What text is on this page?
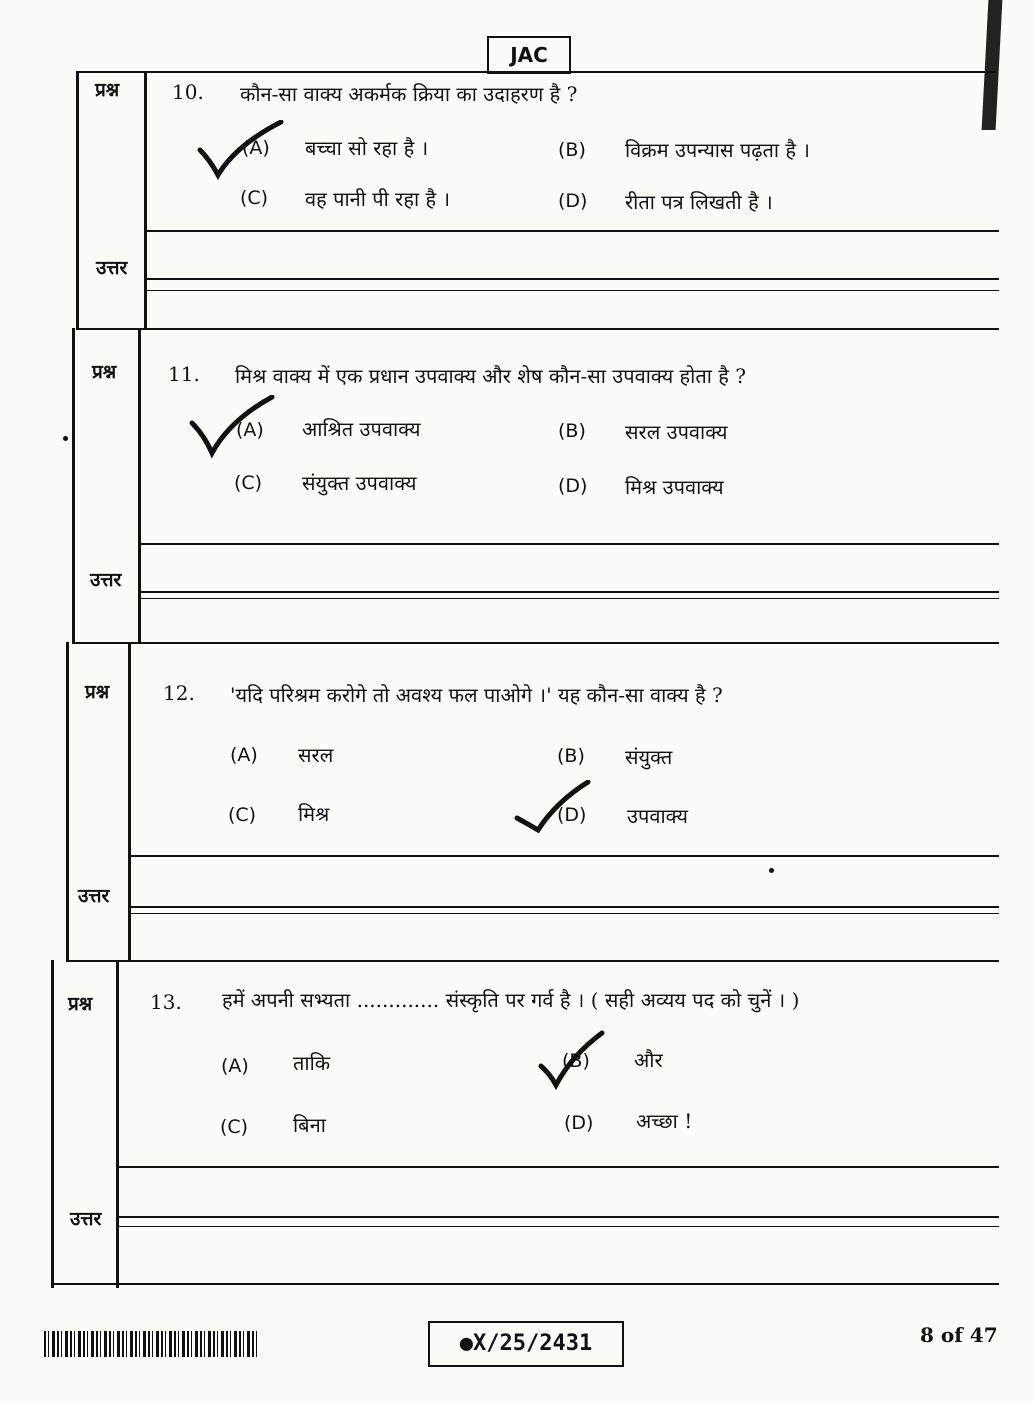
JAC
प्रश्न	10. कौन-सा वाक्य अकर्मक क्रिया का उदाहरण है ?
(A) बच्चा सो रहा है ।	(B) विक्रम उपन्यास पढ़ता है ।
(C) वह पानी पी रहा है ।	(D) रीता पत्र लिखती है ।
उत्तर
प्रश्न	11. मिश्र वाक्य में एक प्रधान उपवाक्य और शेष कौन-सा उपवाक्य होता है ?
(A) आश्रित उपवाक्य	(B) सरल उपवाक्य
(C) संयुक्त उपवाक्य	(D) मिश्र उपवाक्य
उत्तर
प्रश्न	12. 'यदि परिश्रम करोगे तो अवश्य फल पाओगे ।' यह कौन-सा वाक्य है ?
(A) सरल	(B) संयुक्त
(C) मिश्र	(D) उपवाक्य
उत्तर
प्रश्न	13. हमें अपनी सभ्यता ............. संस्कृति पर गर्व है । ( सही अव्यय पद को चुनें । )
(A) ताकि	(B) और
(C) बिना	(D) अच्छा !
उत्तर
●X/25/2431	8 of 47
